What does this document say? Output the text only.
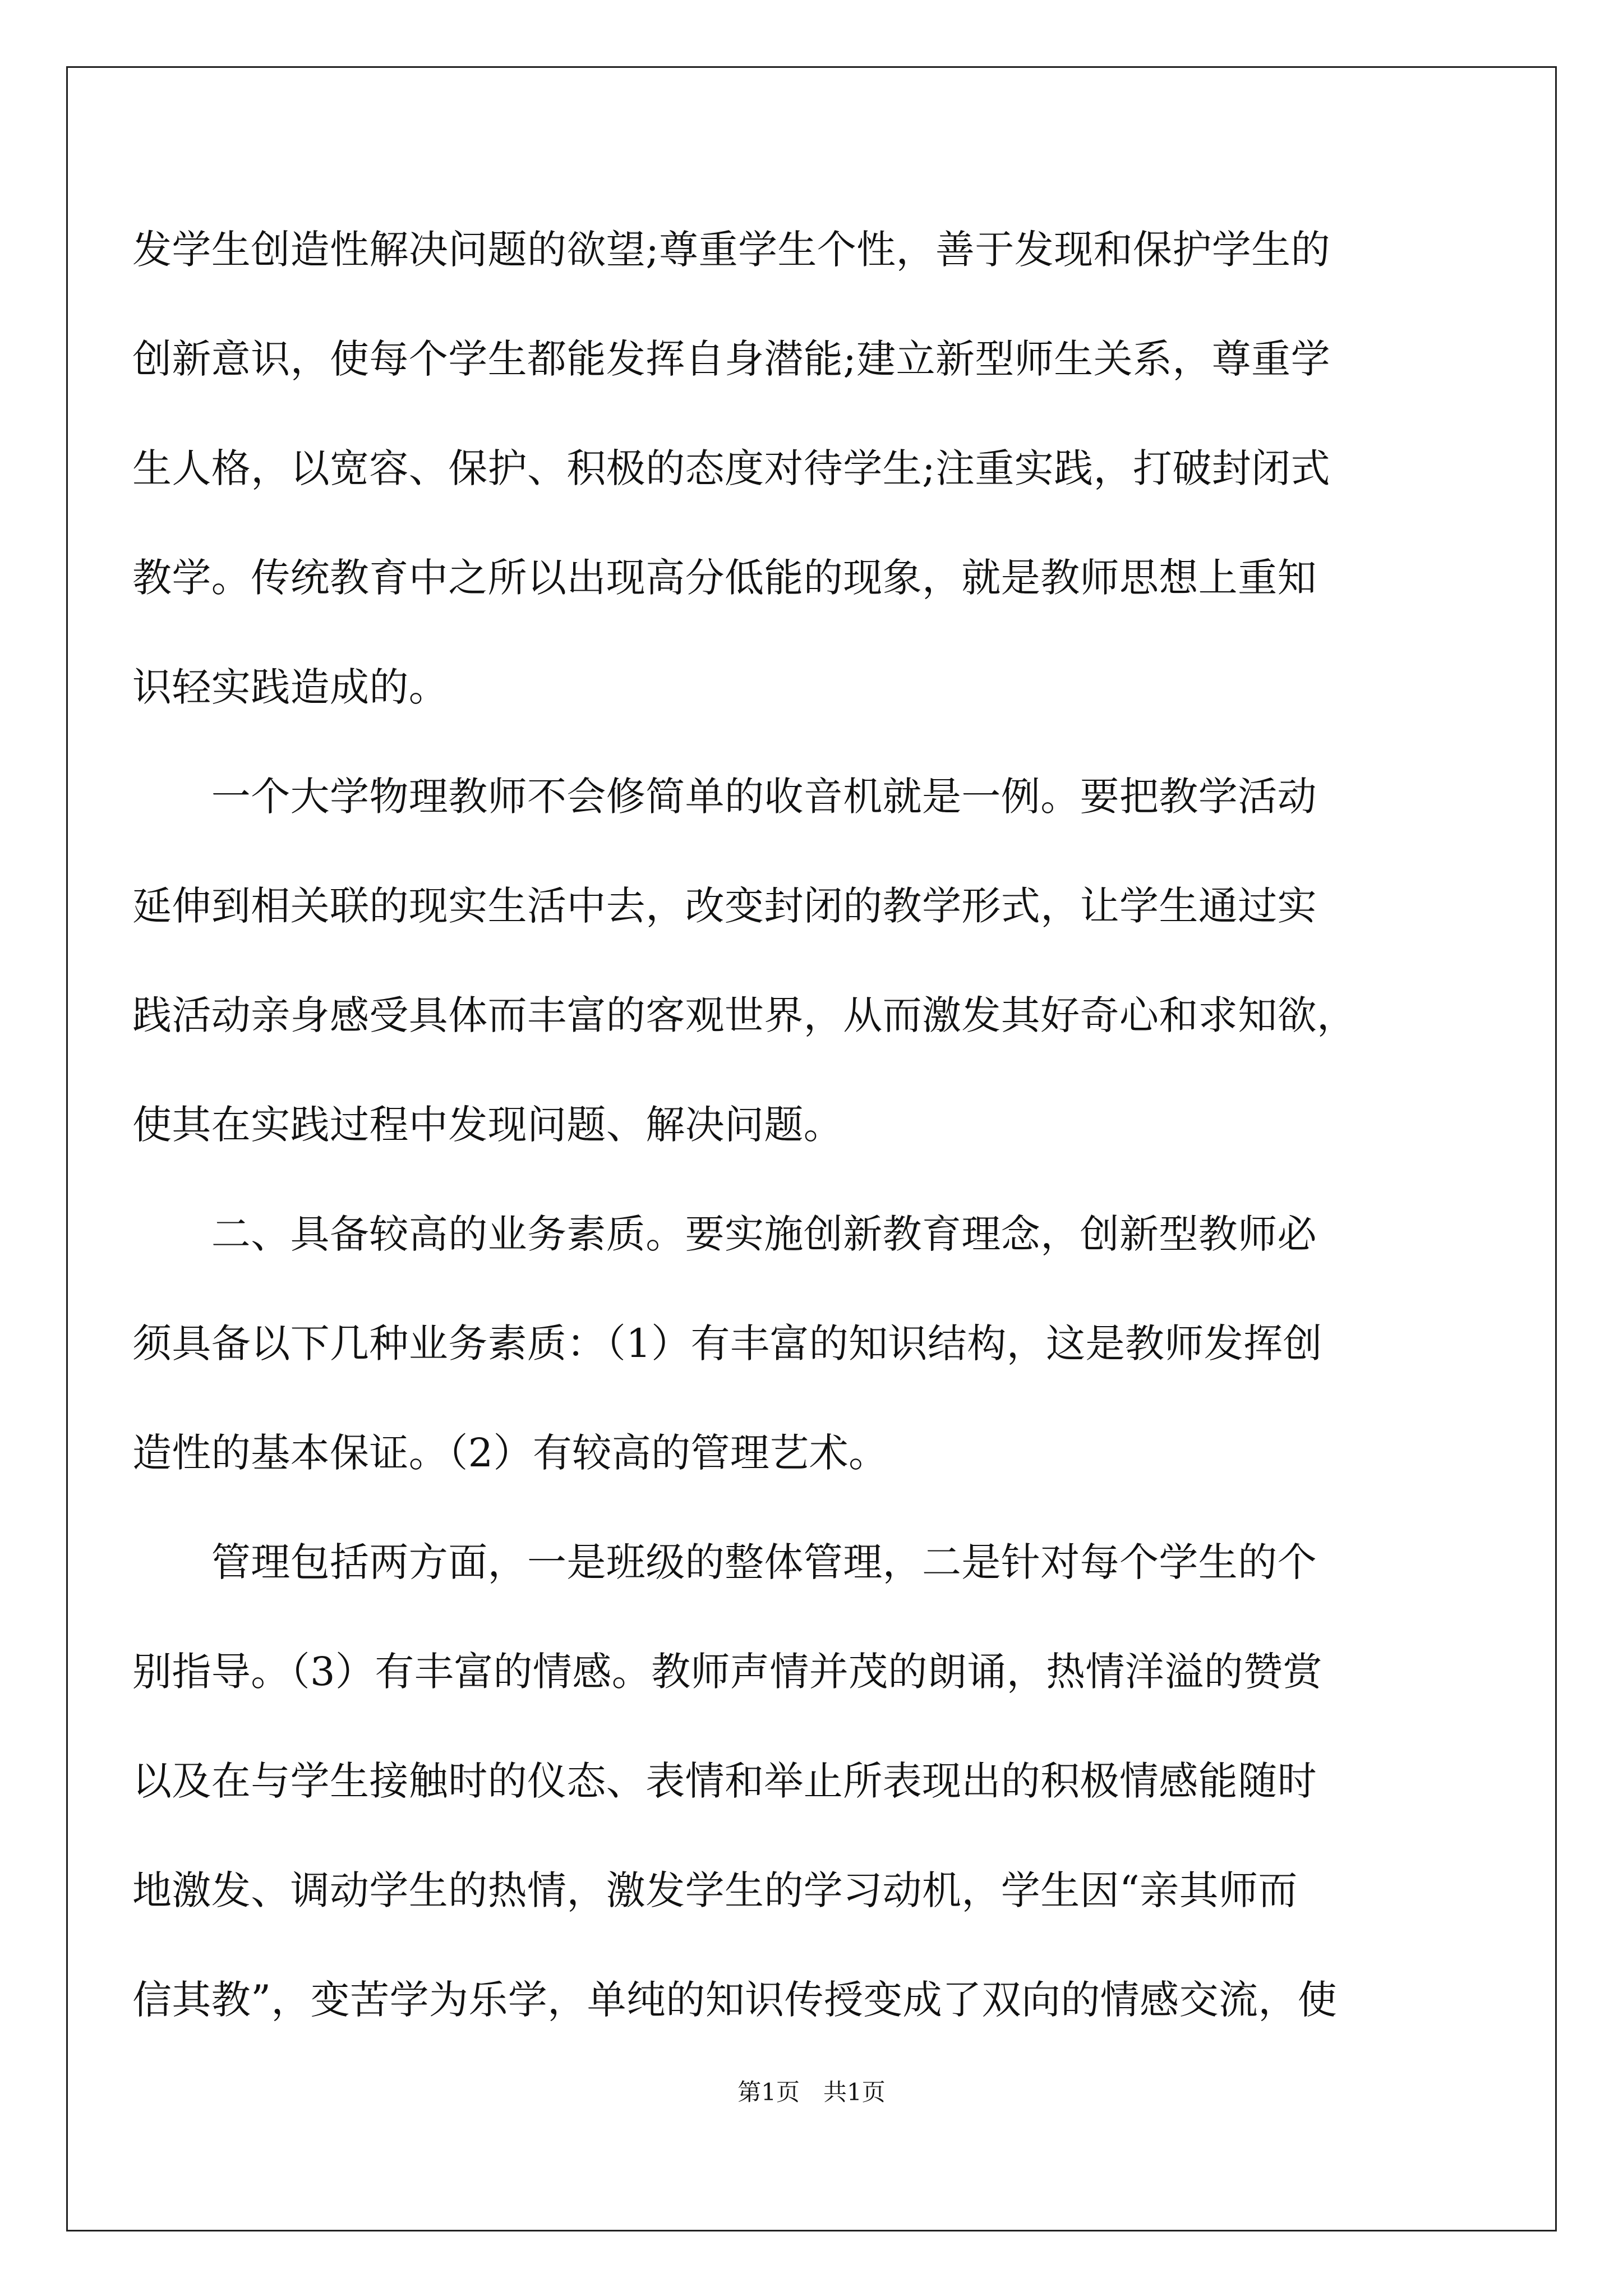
发学生创造性解决问题的欲望;尊重学生个性，善于发现和保护学生的
创新意识，使每个学生都能发挥自身潜能;建立新型师生关系，尊重学
生人格，以宽容、保护、积极的态度对待学生;注重实践，打破封闭式
教学。传统教育中之所以出现高分低能的现象，就是教师思想上重知
识轻实践造成的。
　　一个大学物理教师不会修简单的收音机就是一例。要把教学活动
延伸到相关联的现实生活中去，改变封闭的教学形式，让学生通过实
践活动亲身感受具体而丰富的客观世界，从而激发其好奇心和求知欲，
使其在实践过程中发现问题、解决问题。
　　二、具备较高的业务素质。要实施创新教育理念，创新型教师必
须具备以下几种业务素质：（1）有丰富的知识结构，这是教师发挥创
造性的基本保证。（2）有较高的管理艺术。
　　管理包括两方面，一是班级的整体管理，二是针对每个学生的个
别指导。（3）有丰富的情感。教师声情并茂的朗诵，热情洋溢的赞赏
以及在与学生接触时的仪态、表情和举止所表现出的积极情感能随时
地激发、调动学生的热情，激发学生的学习动机，学生因“亲其师而
信其教”，变苦学为乐学，单纯的知识传授变成了双向的情感交流，使
第1页　共1页
